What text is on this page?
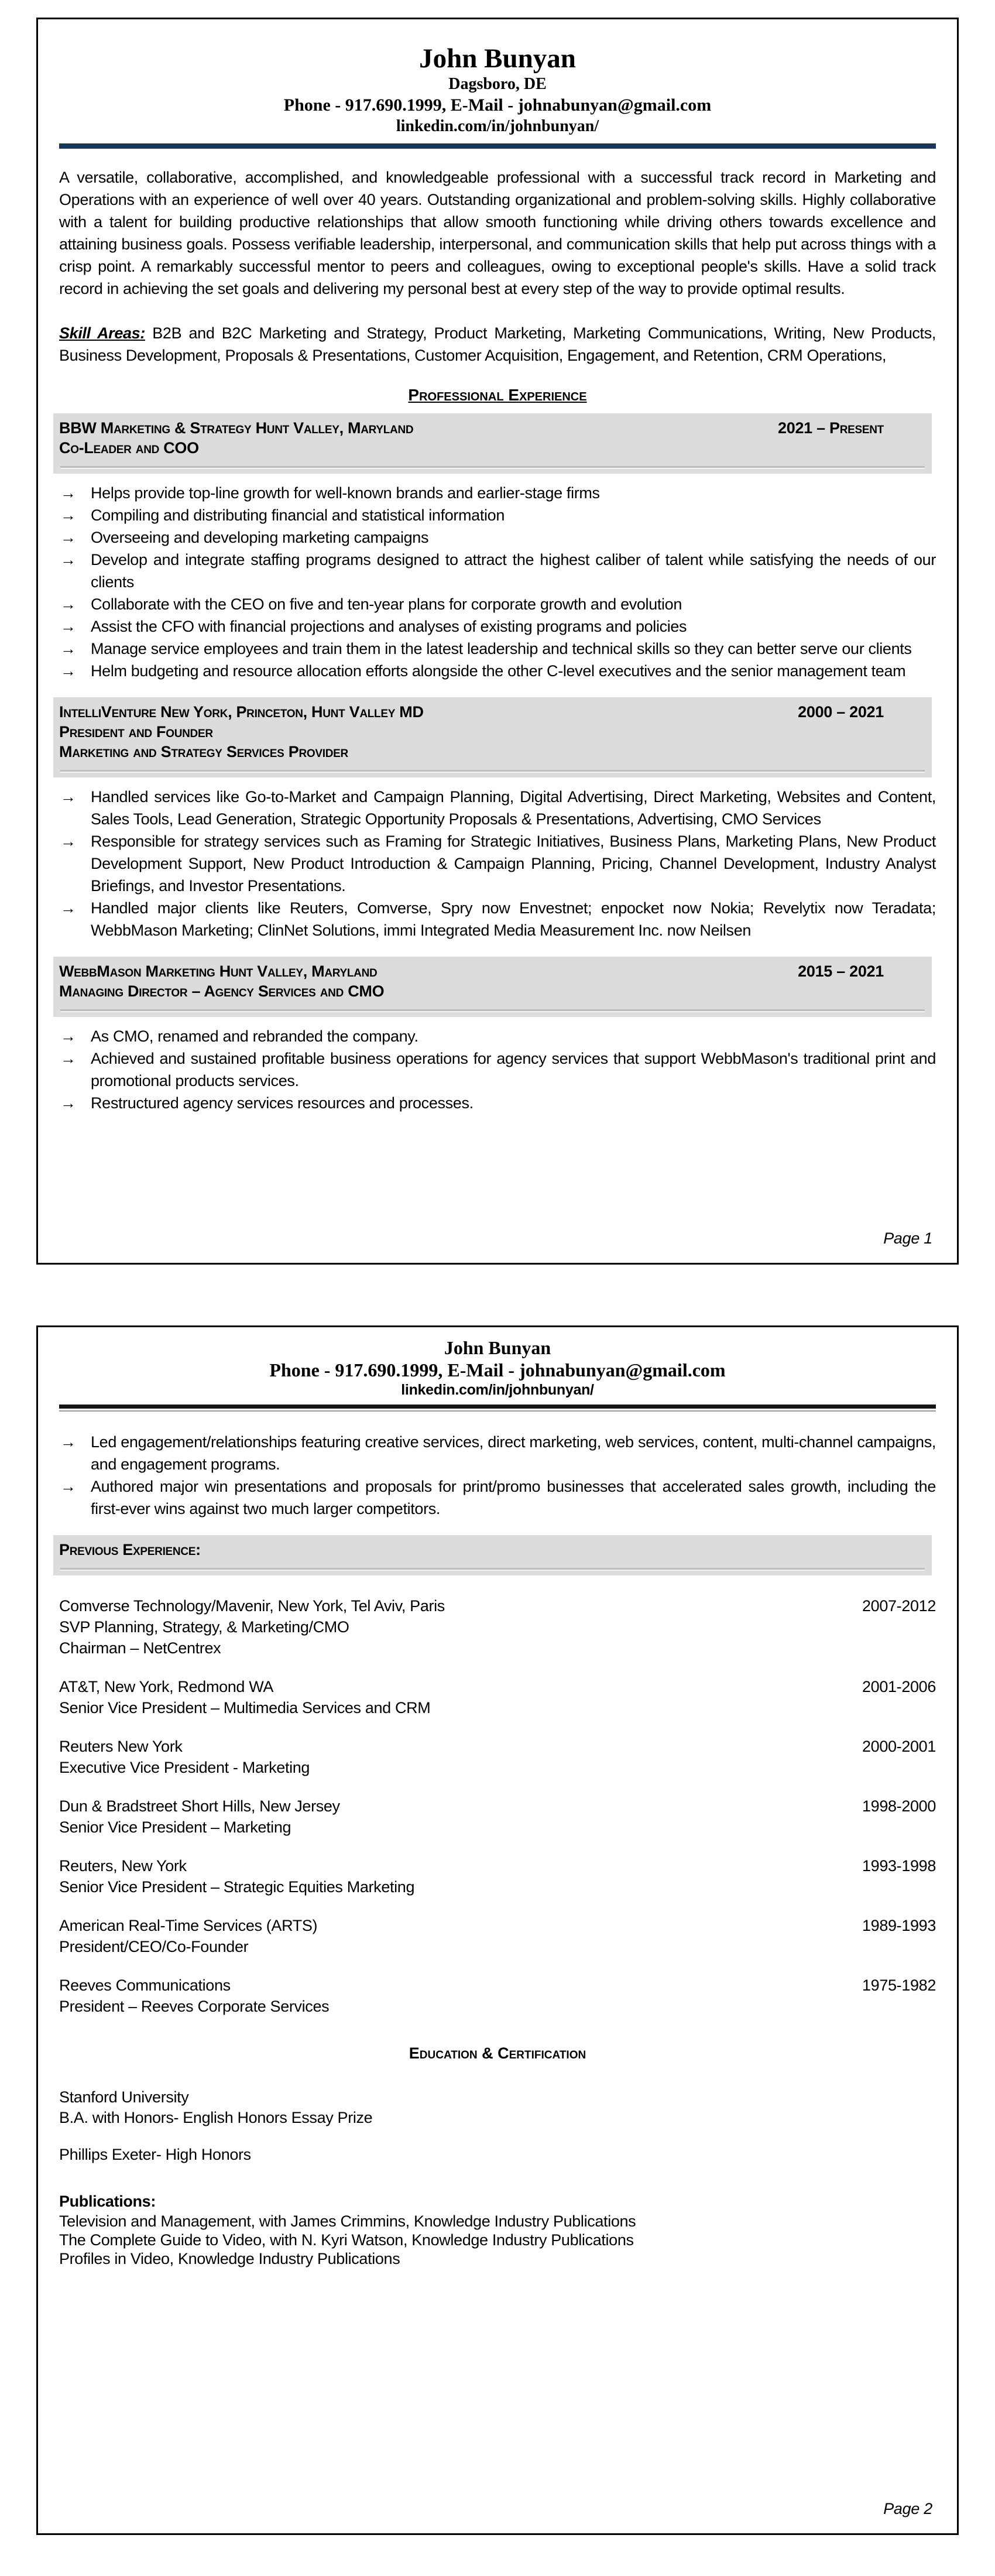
John Bunyan
Dagsboro, DE
Phone - 917.690.1999, E-Mail - johnabunyan@gmail.com
linkedin.com/in/johnbunyan/

A versatile, collaborative, accomplished, and knowledgeable professional with a successful track record in Marketing and Operations with an experience of well over 40 years. Outstanding organizational and problem-solving skills. Highly collaborative with a talent for building productive relationships that allow smooth functioning while driving others towards excellence and attaining business goals. Possess verifiable leadership, interpersonal, and communication skills that help put across things with a crisp point. A remarkably successful mentor to peers and colleagues, owing to exceptional people's skills. Have a solid track record in achieving the set goals and delivering my personal best at every step of the way to provide optimal results.

Skill Areas: B2B and B2C Marketing and Strategy, Product Marketing, Marketing Communications, Writing, New Products, Business Development, Proposals & Presentations, Customer Acquisition, Engagement, and Retention, CRM Operations,

Professional Experience
BBW Marketing & Strategy Hunt Valley, Maryland	2021 – Present
Co-Leader and COO
→ Helps provide top-line growth for well-known brands and earlier-stage firms
→ Compiling and distributing financial and statistical information
→ Overseeing and developing marketing campaigns
→ Develop and integrate staffing programs designed to attract the highest caliber of talent while satisfying the needs of our clients
→ Collaborate with the CEO on five and ten-year plans for corporate growth and evolution
→ Assist the CFO with financial projections and analyses of existing programs and policies
→ Manage service employees and train them in the latest leadership and technical skills so they can better serve our clients
→ Helm budgeting and resource allocation efforts alongside the other C-level executives and the senior management team
IntelliVenture New York, Princeton, Hunt Valley MD	2000 – 2021
President and Founder
Marketing and Strategy Services Provider
→ Handled services like Go-to-Market and Campaign Planning, Digital Advertising, Direct Marketing, Websites and Content, Sales Tools, Lead Generation, Strategic Opportunity Proposals & Presentations, Advertising, CMO Services
→ Responsible for strategy services such as Framing for Strategic Initiatives, Business Plans, Marketing Plans, New Product Development Support, New Product Introduction & Campaign Planning, Pricing, Channel Development, Industry Analyst Briefings, and Investor Presentations.
→ Handled major clients like Reuters, Comverse, Spry now Envestnet; enpocket now Nokia; Revelytix now Teradata; WebbMason Marketing; ClinNet Solutions, immi Integrated Media Measurement Inc. now Neilsen
WebbMason Marketing Hunt Valley, Maryland	2015 – 2021
Managing Director – Agency Services and CMO
→ As CMO, renamed and rebranded the company.
→ Achieved and sustained profitable business operations for agency services that support WebbMason's traditional print and promotional products services.
→ Restructured agency services resources and processes.
Page 1
John Bunyan
Phone - 917.690.1999, E-Mail - johnabunyan@gmail.com
linkedin.com/in/johnbunyan/
→ Led engagement/relationships featuring creative services, direct marketing, web services, content, multi-channel campaigns, and engagement programs.
→ Authored major win presentations and proposals for print/promo businesses that accelerated sales growth, including the first-ever wins against two much larger competitors.
Previous Experience:
Comverse Technology/Mavenir, New York, Tel Aviv, Paris	2007-2012
SVP Planning, Strategy, & Marketing/CMO
Chairman – NetCentrex
AT&T, New York, Redmond WA	2001-2006
Senior Vice President – Multimedia Services and CRM
Reuters New York	2000-2001
Executive Vice President - Marketing
Dun & Bradstreet Short Hills, New Jersey	1998-2000
Senior Vice President – Marketing
Reuters, New York	1993-1998
Senior Vice President – Strategic Equities Marketing
American Real-Time Services (ARTS)	1989-1993
President/CEO/Co-Founder
Reeves Communications	1975-1982
President – Reeves Corporate Services
Education & Certification
Stanford University
B.A. with Honors- English Honors Essay Prize
Phillips Exeter- High Honors
Publications:
Television and Management, with James Crimmins, Knowledge Industry Publications
The Complete Guide to Video, with N. Kyri Watson, Knowledge Industry Publications
Profiles in Video, Knowledge Industry Publications
Page 2
